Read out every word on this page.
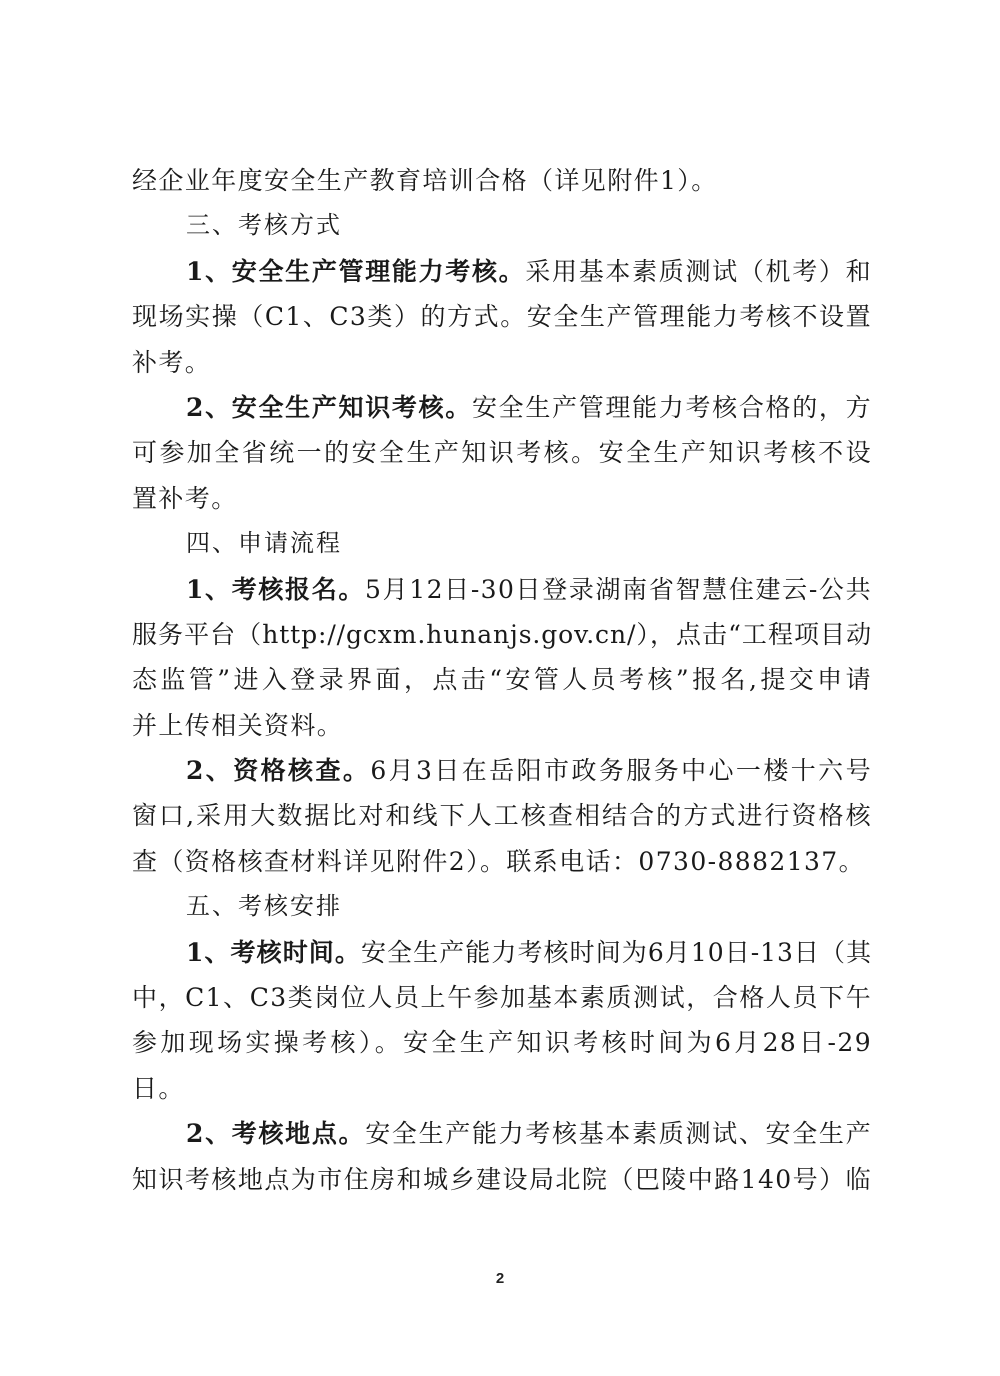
经企业年度安全生产教育培训合格（详见附件1）。
三、考核方式
1、安全生产管理能力考核。采用基本素质测试（机考）和
现场实操（C1、C3类）的方式。安全生产管理能力考核不设置
补考。
2、安全生产知识考核。安全生产管理能力考核合格的，方
可参加全省统一的安全生产知识考核。安全生产知识考核不设
置补考。
四、申请流程
1、考核报名。5月12日-30日登录湖南省智慧住建云-公共
服务平台（http://gcxm.hunanjs.gov.cn/），点击“工程项目动
态监管”进入登录界面，点击“安管人员考核”报名,提交申请
并上传相关资料。
2、资格核查。6月3日在岳阳市政务服务中心一楼十六号
窗口,采用大数据比对和线下人工核查相结合的方式进行资格核
查（资格核查材料详见附件2）。联系电话：0730-8882137。
五、考核安排
1、考核时间。安全生产能力考核时间为6月10日-13日（其
中，C1、C3类岗位人员上午参加基本素质测试，合格人员下午
参加现场实操考核）。安全生产知识考核时间为6月28日-29
日。
2、考核地点。安全生产能力考核基本素质测试、安全生产
知识考核地点为市住房和城乡建设局北院（巴陵中路140号）临
2
